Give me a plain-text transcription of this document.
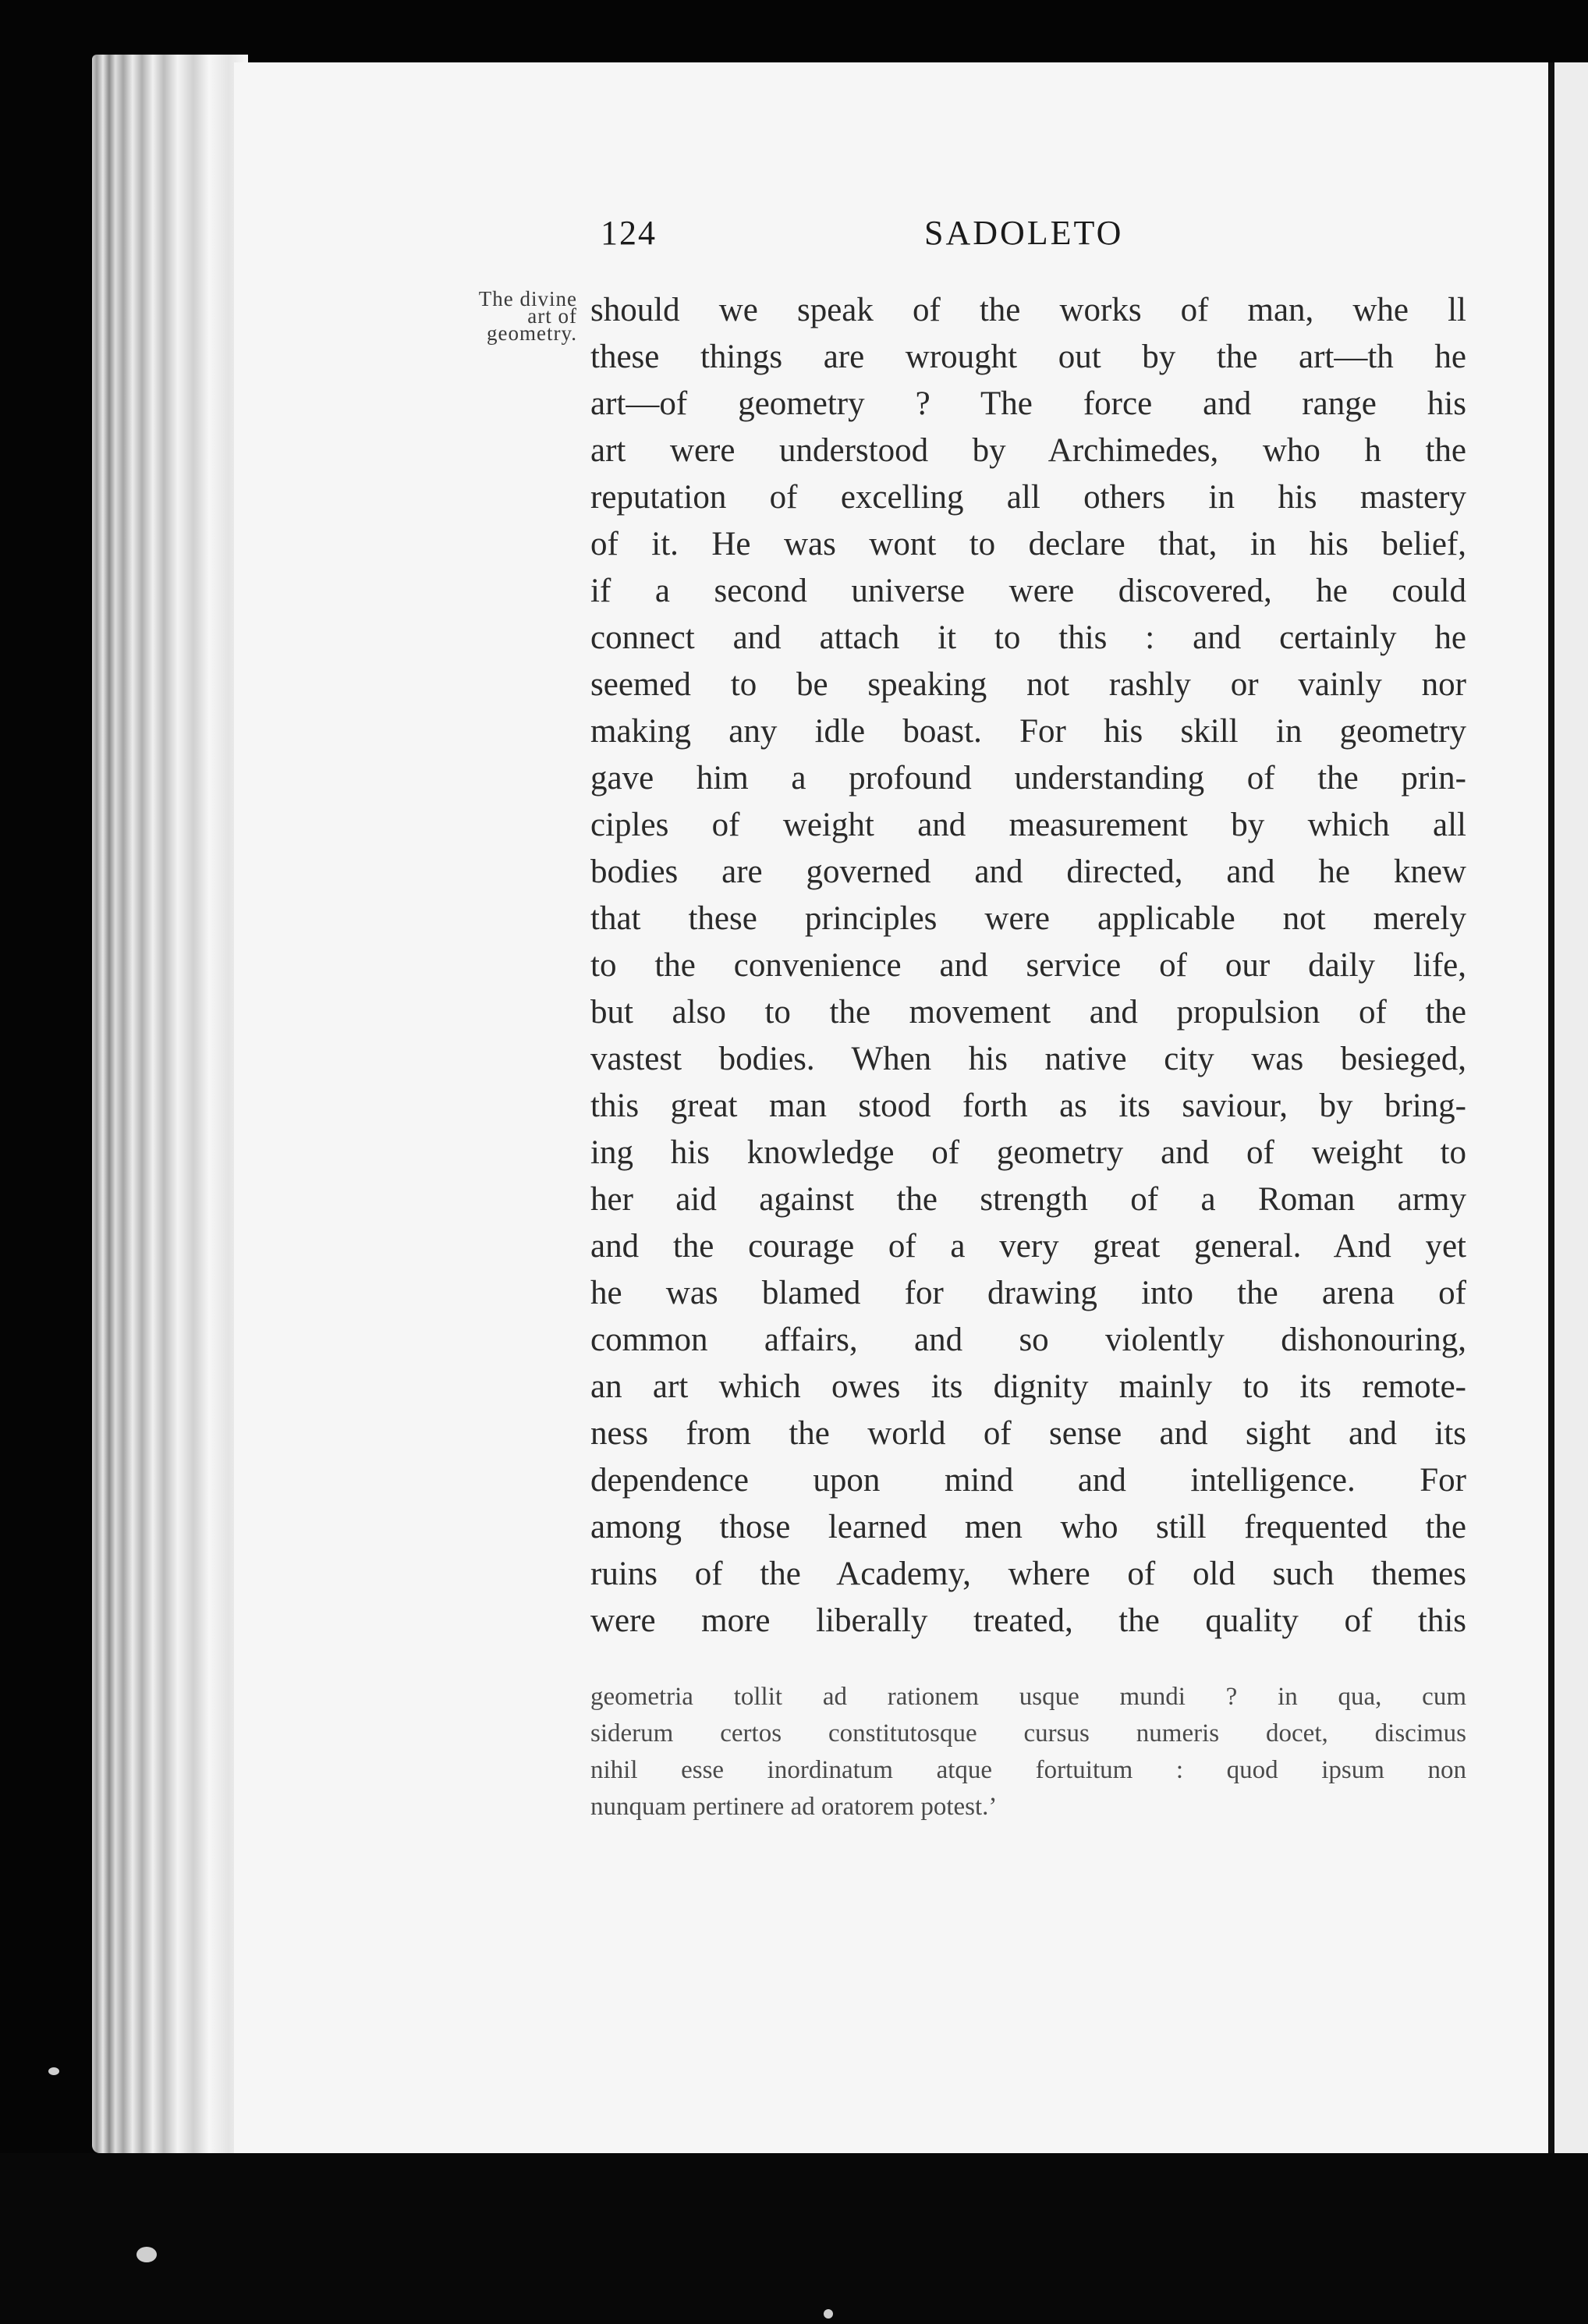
124	SADOLETO
The divine
art of
geometry.
should we speak of the works of man, whe ll
these things are wrought out by the art—th he
art—of geometry ? The force and range his
art were understood by Archimedes, who h the
reputation of excelling all others in his mastery
of it. He was wont to declare that, in his belief,
if a second universe were discovered, he could
connect and attach it to this : and certainly he
seemed to be speaking not rashly or vainly nor
making any idle boast. For his skill in geometry
gave him a profound understanding of the prin-
ciples of weight and measurement by which all
bodies are governed and directed, and he knew
that these principles were applicable not merely
to the convenience and service of our daily life,
but also to the movement and propulsion of the
vastest bodies. When his native city was besieged,
this great man stood forth as its saviour, by bring-
ing his knowledge of geometry and of weight to
her aid against the strength of a Roman army
and the courage of a very great general. And yet
he was blamed for drawing into the arena of
common affairs, and so violently dishonouring,
an art which owes its dignity mainly to its remote-
ness from the world of sense and sight and its
dependence upon mind and intelligence. For
among those learned men who still frequented the
ruins of the Academy, where of old such themes
were more liberally treated, the quality of this
geometria tollit ad rationem usque mundi ? in qua, cum
siderum certos constitutosque cursus numeris docet, discimus
nihil esse inordinatum atque fortuitum : quod ipsum non
nunquam pertinere ad oratorem potest.’
